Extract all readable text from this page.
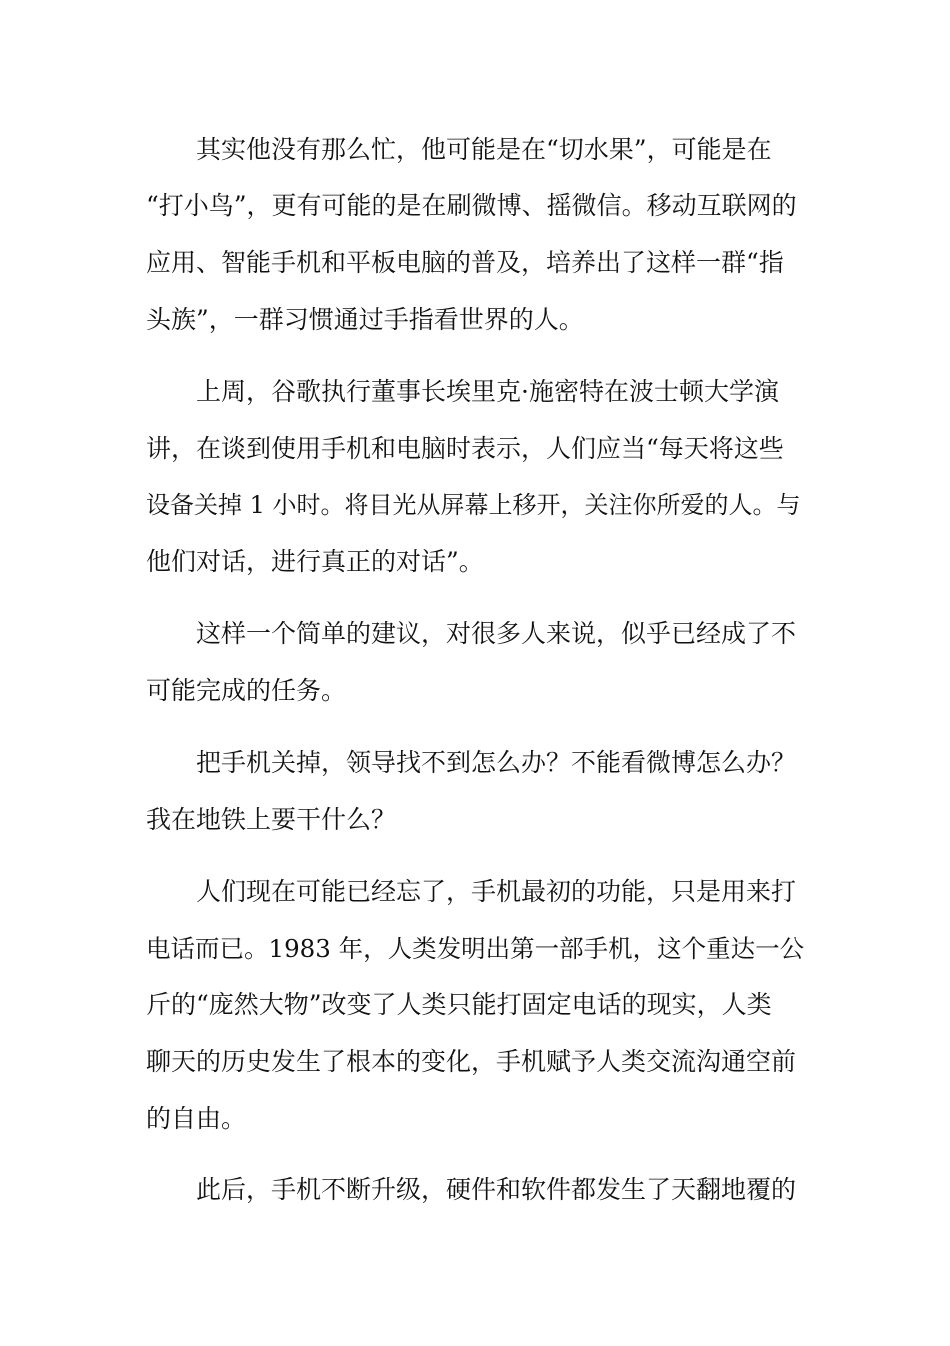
其实他没有那么忙，他可能是在“切水果”，可能是在
“打小鸟”，更有可能的是在刷微博、摇微信。移动互联网的
应用、智能手机和平板电脑的普及，培养出了这样一群“指
头族”，一群习惯通过手指看世界的人。
上周，谷歌执行董事长埃里克·施密特在波士顿大学演
讲，在谈到使用手机和电脑时表示，人们应当“每天将这些
设备关掉 1 小时。将目光从屏幕上移开，关注你所爱的人。与
他们对话，进行真正的对话”。
这样一个简单的建议，对很多人来说，似乎已经成了不
可能完成的任务。
把手机关掉，领导找不到怎么办？不能看微博怎么办？
我在地铁上要干什么？
人们现在可能已经忘了，手机最初的功能，只是用来打
电话而已。1983 年，人类发明出第一部手机，这个重达一公
斤的“庞然大物”改变了人类只能打固定电话的现实，人类
聊天的历史发生了根本的变化，手机赋予人类交流沟通空前
的自由。
此后，手机不断升级，硬件和软件都发生了天翻地覆的
